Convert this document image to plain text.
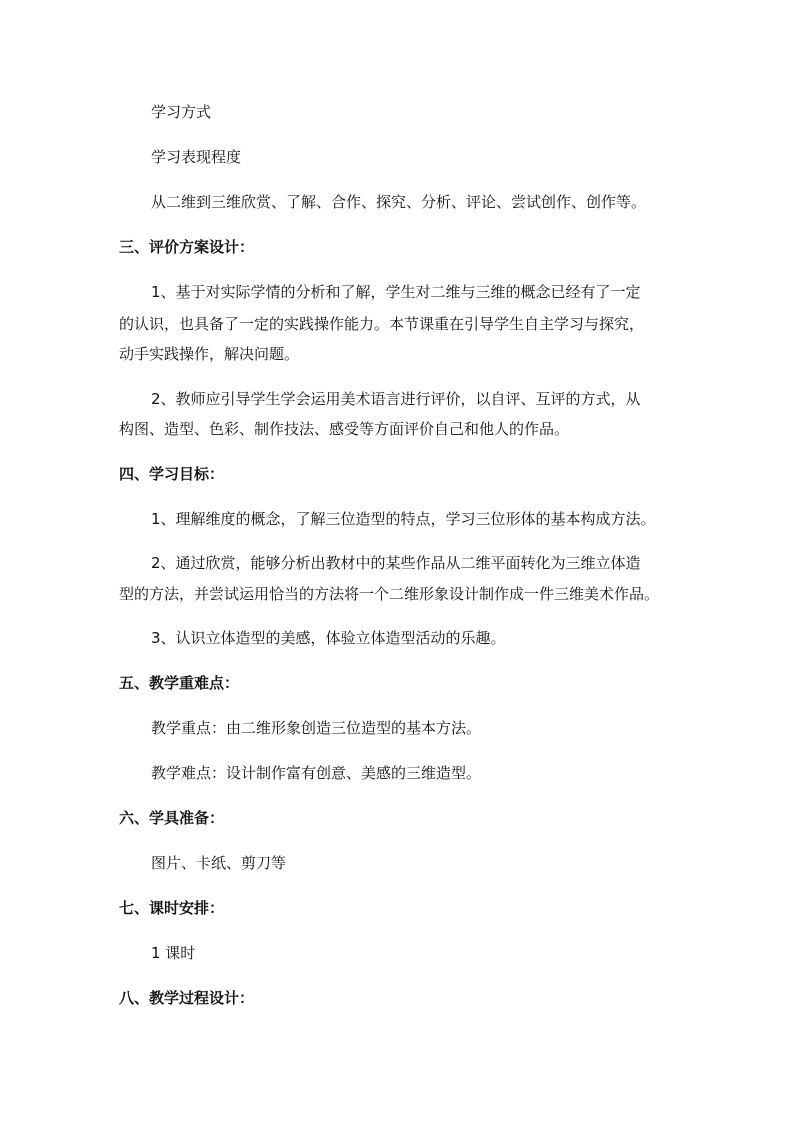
学习方式
学习表现程度
从二维到三维欣赏、了解、合作、探究、分析、评论、尝试创作、创作等。
三、评价方案设计：
1、基于对实际学情的分析和了解，学生对二维与三维的概念已经有了一定
的认识，也具备了一定的实践操作能力。本节课重在引导学生自主学习与探究，
动手实践操作，解决问题。
2、教师应引导学生学会运用美术语言进行评价，以自评、互评的方式，从
构图、造型、色彩、制作技法、感受等方面评价自己和他人的作品。
四、学习目标：
1、理解维度的概念，了解三位造型的特点，学习三位形体的基本构成方法。
2、通过欣赏，能够分析出教材中的某些作品从二维平面转化为三维立体造
型的方法，并尝试运用恰当的方法将一个二维形象设计制作成一件三维美术作品。
3、认识立体造型的美感，体验立体造型活动的乐趣。
五、教学重难点：
教学重点：由二维形象创造三位造型的基本方法。
教学难点：设计制作富有创意、美感的三维造型。
六、学具准备：
图片、卡纸、剪刀等
七、课时安排：
1 课时
八、教学过程设计：
